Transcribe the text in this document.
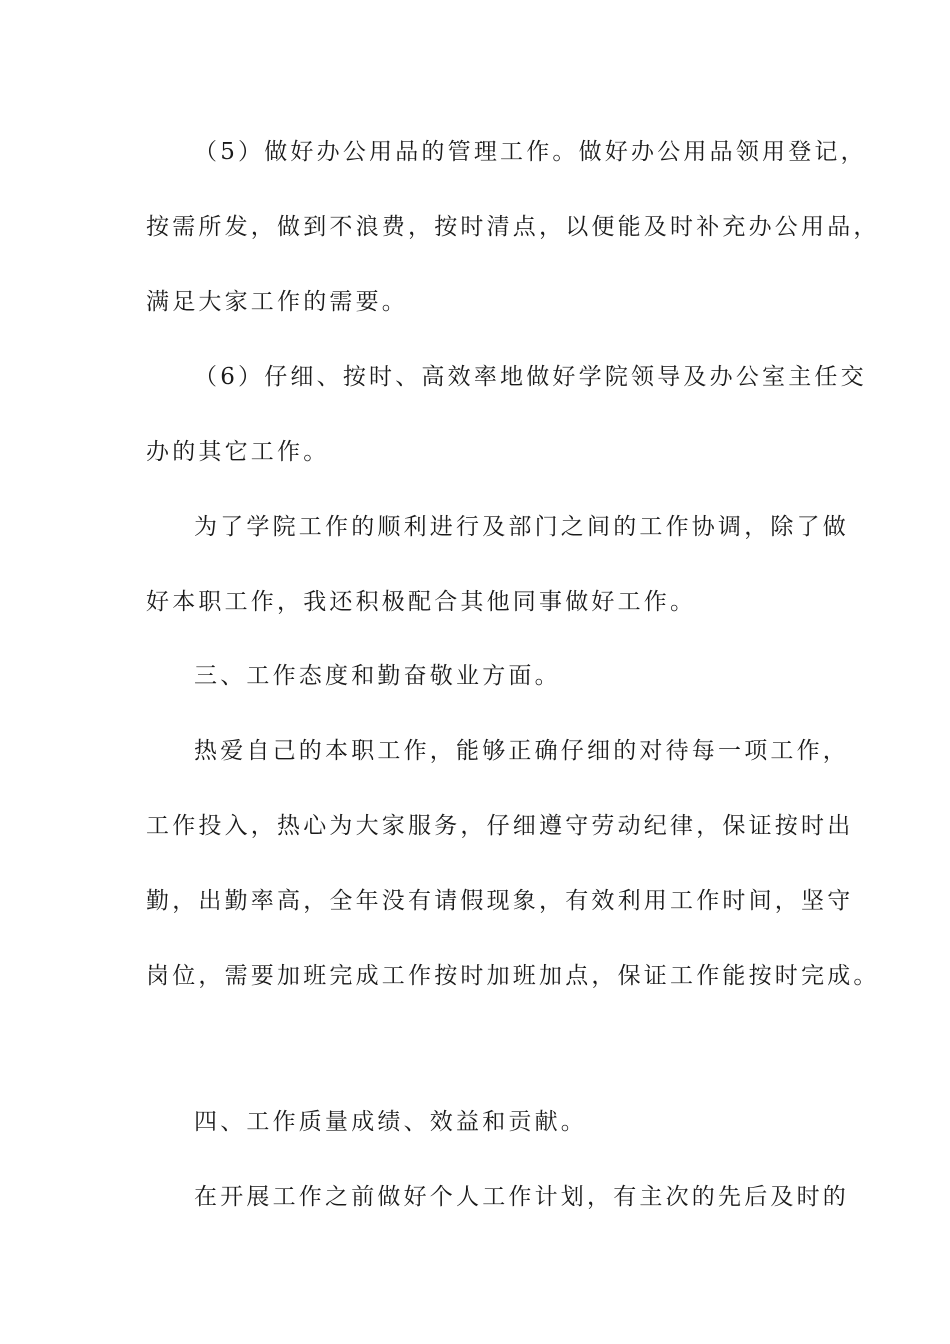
（5）做好办公用品的管理工作。做好办公用品领用登记，
按需所发，做到不浪费，按时清点，以便能及时补充办公用品，
满足大家工作的需要。
（6）仔细、按时、高效率地做好学院领导及办公室主任交
办的其它工作。
为了学院工作的顺利进行及部门之间的工作协调，除了做
好本职工作，我还积极配合其他同事做好工作。
三、工作态度和勤奋敬业方面。
热爱自己的本职工作，能够正确仔细的对待每一项工作，
工作投入，热心为大家服务，仔细遵守劳动纪律，保证按时出
勤，出勤率高，全年没有请假现象，有效利用工作时间，坚守
岗位，需要加班完成工作按时加班加点，保证工作能按时完成。
四、工作质量成绩、效益和贡献。
在开展工作之前做好个人工作计划，有主次的先后及时的
